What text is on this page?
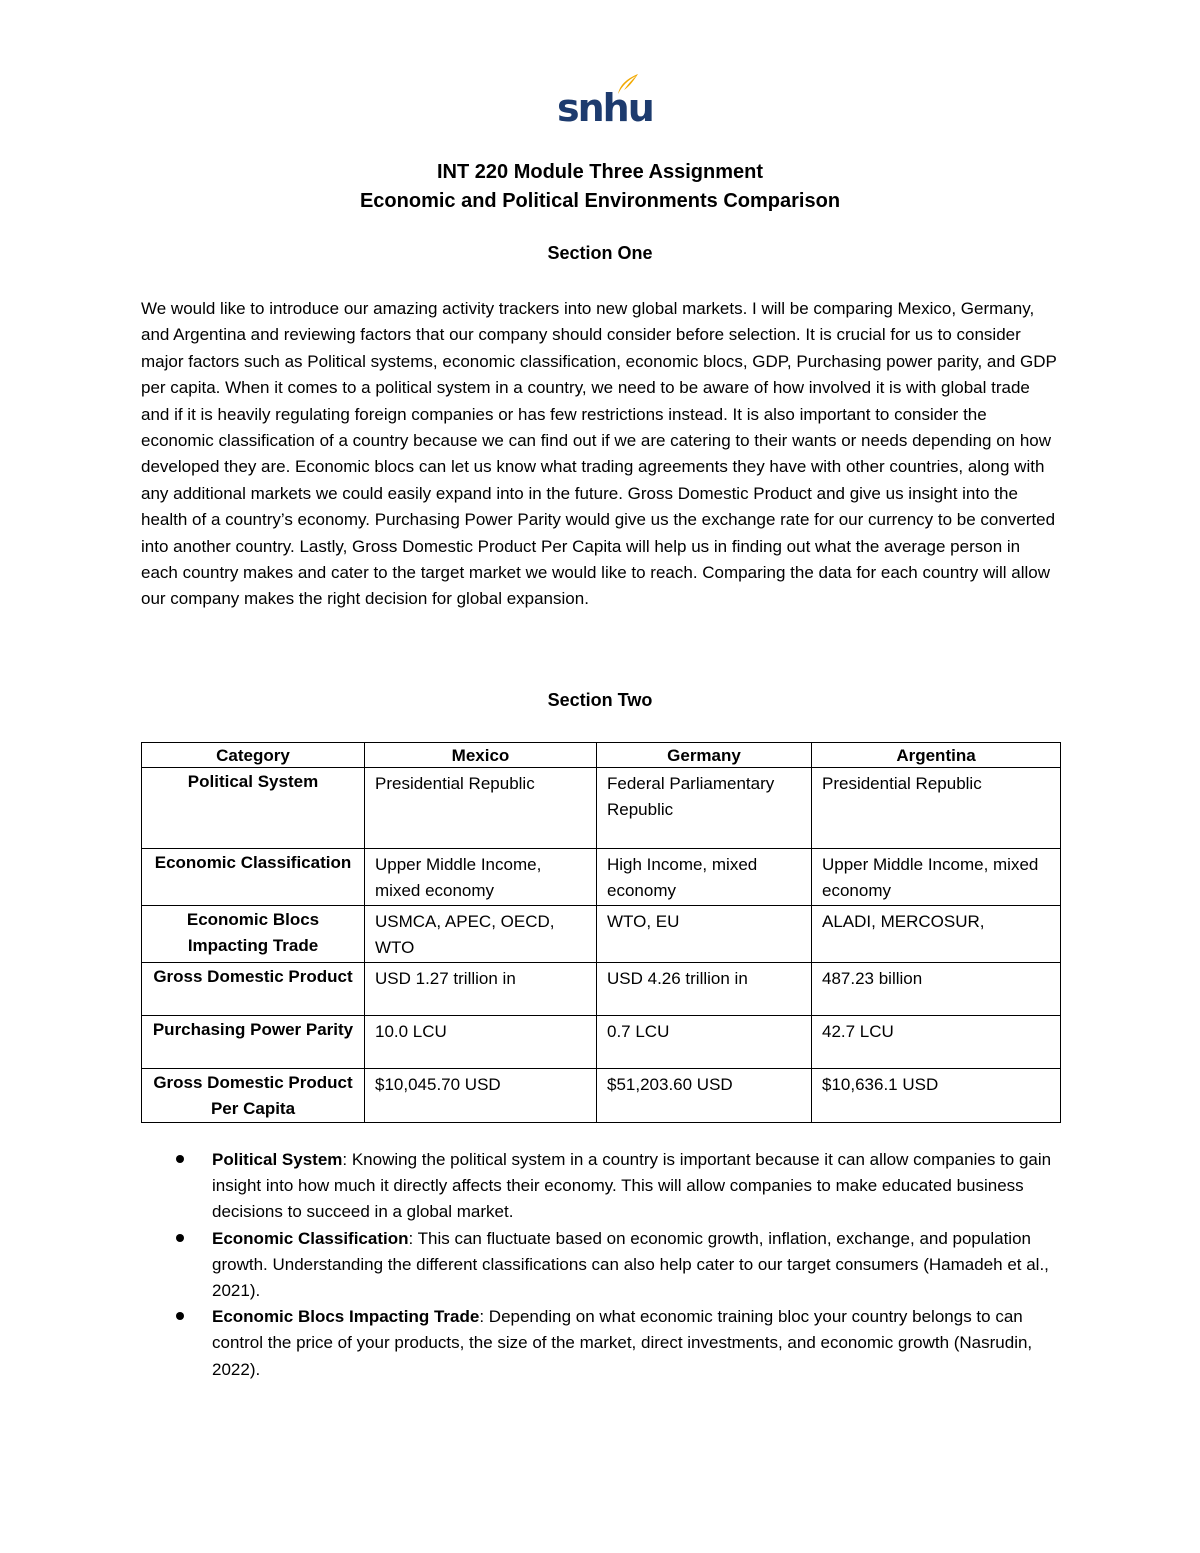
snhu
INT 220 Module Three Assignment
Economic and Political Environments Comparison
Section One

We would like to introduce our amazing activity trackers into new global markets. I will be comparing Mexico, Germany, and Argentina and reviewing factors that our company should consider before selection. It is crucial for us to consider major factors such as Political systems, economic classification, economic blocs, GDP, Purchasing power parity, and GDP per capita. When it comes to a political system in a country, we need to be aware of how involved it is with global trade and if it is heavily regulating foreign companies or has few restrictions instead. It is also important to consider the economic classification of a country because we can find out if we are catering to their wants or needs depending on how developed they are. Economic blocs can let us know what trading agreements they have with other countries, along with any additional markets we could easily expand into in the future. Gross Domestic Product and give us insight into the health of a country’s economy. Purchasing Power Parity would give us the exchange rate for our currency to be converted into another country. Lastly, Gross Domestic Product Per Capita will help us in finding out what the average person in each country makes and cater to the target market we would like to reach. Comparing the data for each country will allow our company makes the right decision for global expansion.

Section Two
Category	Mexico	Germany	Argentina
Political System	Presidential Republic	Federal Parliamentary Republic	Presidential Republic
Economic Classification	Upper Middle Income, mixed economy	High Income, mixed economy	Upper Middle Income, mixed economy
Economic Blocs Impacting Trade	USMCA, APEC, OECD, WTO	WTO, EU	ALADI, MERCOSUR,
Gross Domestic Product	USD 1.27 trillion in	USD 4.26 trillion in	487.23 billion
Purchasing Power Parity	10.0 LCU	0.7 LCU	42.7 LCU
Gross Domestic Product Per Capita	$10,045.70 USD	$51,203.60 USD	$10,636.1 USD
Political System: Knowing the political system in a country is important because it can allow companies to gain insight into how much it directly affects their economy. This will allow companies to make educated business decisions to succeed in a global market.
Economic Classification: This can fluctuate based on economic growth, inflation, exchange, and population growth. Understanding the different classifications can also help cater to our target consumers (Hamadeh et al., 2021).
Economic Blocs Impacting Trade: Depending on what economic training bloc your country belongs to can control the price of your products, the size of the market, direct investments, and economic growth (Nasrudin, 2022).
